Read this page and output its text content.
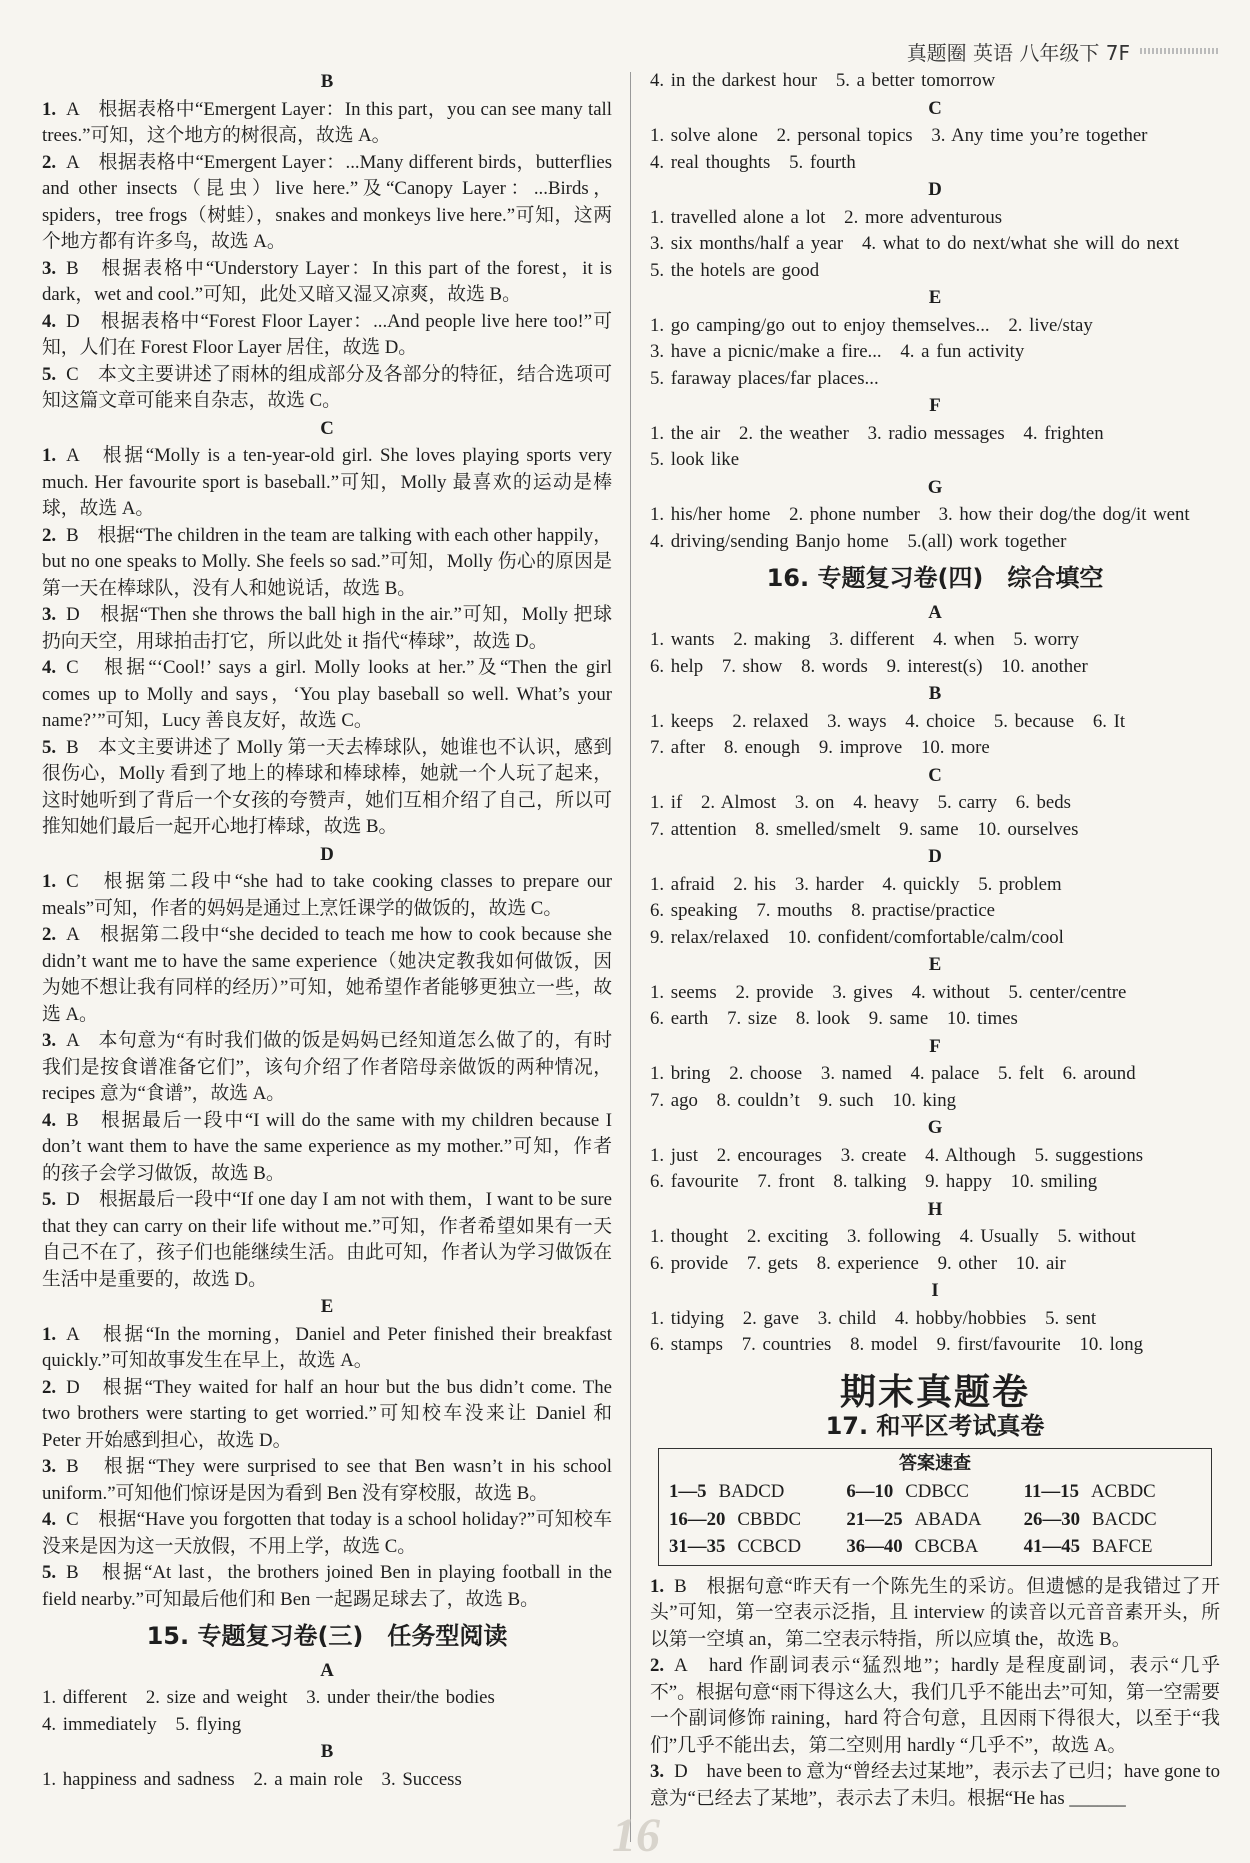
真题圈 英语 八年级下 7F
B

1. A　根据表格中“Emergent Layer：In this part，you can see many tall trees.”可知，这个地方的树很高，故选 A。

2. A　根据表格中“Emergent Layer：...Many different birds，butterflies and other insects（昆虫）live here.”及“Canopy Layer：...Birds，spiders，tree frogs（树蛙），snakes and monkeys live here.”可知，这两个地方都有许多鸟，故选 A。

3. B　根据表格中“Understory Layer：In this part of the forest，it is dark，wet and cool.”可知，此处又暗又湿又凉爽，故选 B。

4. D　根据表格中“Forest Floor Layer：...And people live here too!”可知，人们在 Forest Floor Layer 居住，故选 D。

5. C　本文主要讲述了雨林的组成部分及各部分的特征，结合选项可知这篇文章可能来自杂志，故选 C。

C

1. A　根据“Molly is a ten-year-old girl. She loves playing sports very much. Her favourite sport is baseball.”可知，Molly 最喜欢的运动是棒球，故选 A。

2. B　根据“The children in the team are talking with each other happily，but no one speaks to Molly. She feels so sad.”可知，Molly 伤心的原因是第一天在棒球队，没有人和她说话，故选 B。

3. D　根据“Then she throws the ball high in the air.”可知，Molly 把球扔向天空，用球拍击打它，所以此处 it 指代“棒球”，故选 D。

4. C　根据“‘Cool!’ says a girl. Molly looks at her.”及“Then the girl comes up to Molly and says，‘You play baseball so well. What’s your name?’”可知，Lucy 善良友好，故选 C。

5. B　本文主要讲述了 Molly 第一天去棒球队，她谁也不认识，感到很伤心，Molly 看到了地上的棒球和棒球棒，她就一个人玩了起来，这时她听到了背后一个女孩的夸赞声，她们互相介绍了自己，所以可推知她们最后一起开心地打棒球，故选 B。

D

1. C　根据第二段中“she had to take cooking classes to prepare our meals”可知，作者的妈妈是通过上烹饪课学的做饭的，故选 C。

2. A　根据第二段中“she decided to teach me how to cook because she didn’t want me to have the same experience（她决定教我如何做饭，因为她不想让我有同样的经历）”可知，她希望作者能够更独立一些，故选 A。

3. A　本句意为“有时我们做的饭是妈妈已经知道怎么做了的，有时我们是按食谱准备它们”，该句介绍了作者陪母亲做饭的两种情况，recipes 意为“食谱”，故选 A。

4. B　根据最后一段中“I will do the same with my children because I don’t want them to have the same experience as my mother.”可知，作者的孩子会学习做饭，故选 B。

5. D　根据最后一段中“If one day I am not with them，I want to be sure that they can carry on their life without me.”可知，作者希望如果有一天自己不在了，孩子们也能继续生活。由此可知，作者认为学习做饭在生活中是重要的，故选 D。

E

1. A　根据“In the morning，Daniel and Peter finished their breakfast quickly.”可知故事发生在早上，故选 A。

2. D　根据“They waited for half an hour but the bus didn’t come. The two brothers were starting to get worried.”可知校车没来让 Daniel 和 Peter 开始感到担心，故选 D。

3. B　根据“They were surprised to see that Ben wasn’t in his school uniform.”可知他们惊讶是因为看到 Ben 没有穿校服，故选 B。

4. C　根据“Have you forgotten that today is a school holiday?”可知校车没来是因为这一天放假，不用上学，故选 C。

5. B　根据“At last，the brothers joined Ben in playing football in the field nearby.”可知最后他们和 Ben 一起踢足球去了，故选 B。

15. 专题复习卷(三)　任务型阅读
A

1. different　2. size and weight　3. under their/the bodies

4. immediately　5. flying

B

1. happiness and sadness　2. a main role　3. Success

4. in the darkest hour　5. a better tomorrow

C

1. solve alone　2. personal topics　3. Any time you’re together

4. real thoughts　5. fourth

D

1. travelled alone a lot　2. more adventurous

3. six months/half a year　4. what to do next/what she will do next

5. the hotels are good

E

1. go camping/go out to enjoy themselves...　2. live/stay

3. have a picnic/make a fire...　4. a fun activity

5. faraway places/far places...

F

1. the air　2. the weather　3. radio messages　4. frighten

5. look like

G

1. his/her home　2. phone number　3. how their dog/the dog/it went

4. driving/sending Banjo home　5.(all) work together

16. 专题复习卷(四)　综合填空
A

1. wants　2. making　3. different　4. when　5. worry

6. help　7. show　8. words　9. interest(s)　10. another

B

1. keeps　2. relaxed　3. ways　4. choice　5. because　6. It

7. after　8. enough　9. improve　10. more

C

1. if　2. Almost　3. on　4. heavy　5. carry　6. beds

7. attention　8. smelled/smelt　9. same　10. ourselves

D

1. afraid　2. his　3. harder　4. quickly　5. problem

6. speaking　7. mouths　8. practise/practice

9. relax/relaxed　10. confident/comfortable/calm/cool

E

1. seems　2. provide　3. gives　4. without　5. center/centre

6. earth　7. size　8. look　9. same　10. times

F

1. bring　2. choose　3. named　4. palace　5. felt　6. around

7. ago　8. couldn’t　9. such　10. king

G

1. just　2. encourages　3. create　4. Although　5. suggestions

6. favourite　7. front　8. talking　9. happy　10. smiling

H

1. thought　2. exciting　3. following　4. Usually　5. without

6. provide　7. gets　8. experience　9. other　10. air

I

1. tidying　2. gave　3. child　4. hobby/hobbies　5. sent

6. stamps　7. countries　8. model　9. first/favourite　10. long

期末真题卷
17. 和平区考试真卷
答案速查
1—5 BADCD	6—10 CDBCC	11—15 ACBDC
16—20 CBBDC	21—25 ABADA	26—30 BACDC
31—35 CCBCD	36—40 CBCBA	41—45 BAFCE

1. B　根据句意“昨天有一个陈先生的采访。但遗憾的是我错过了开头”可知，第一空表示泛指，且 interview 的读音以元音音素开头，所以第一空填 an，第二空表示特指，所以应填 the，故选 B。

2. A　hard 作副词表示“猛烈地”；hardly 是程度副词，表示“几乎不”。根据句意“雨下得这么大，我们几乎不能出去”可知，第一空需要一个副词修饰 raining，hard 符合句意，且因雨下得很大，以至于“我们”几乎不能出去，第二空则用 hardly “几乎不”，故选 A。

3. D　have been to 意为“曾经去过某地”，表示去了已归；have gone to 意为“已经去了某地”，表示去了未归。根据“He has ______

16
